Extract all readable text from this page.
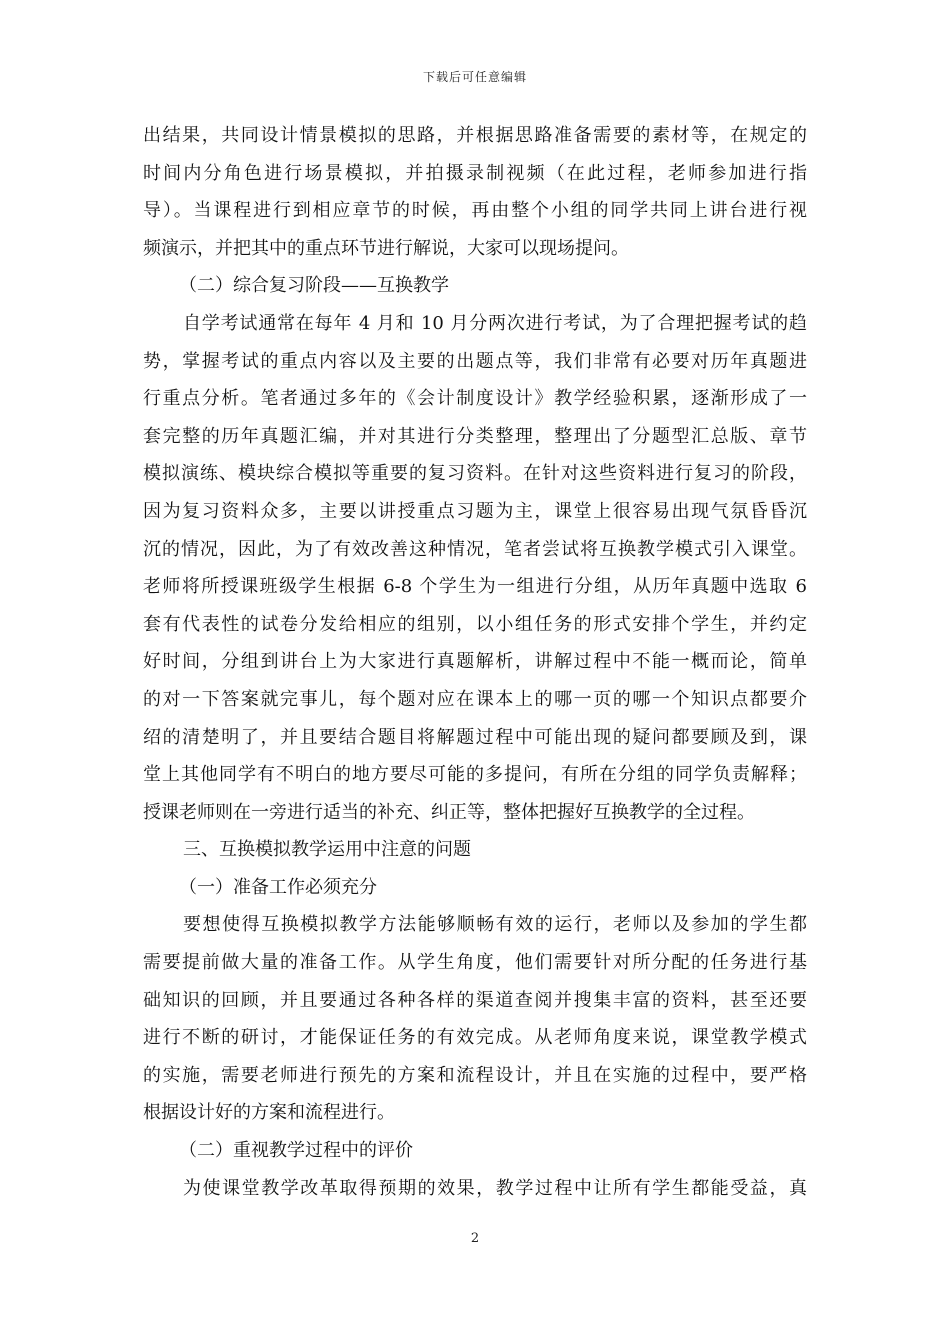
下载后可任意编辑
出结果，共同设计情景模拟的思路，并根据思路准备需要的素材等，在规定的
时间内分角色进行场景模拟，并拍摄录制视频（在此过程，老师参加进行指
导）。当课程进行到相应章节的时候，再由整个小组的同学共同上讲台进行视
频演示，并把其中的重点环节进行解说，大家可以现场提问。
（二）综合复习阶段——互换教学
自学考试通常在每年 4 月和 10 月分两次进行考试，为了合理把握考试的趋
势，掌握考试的重点内容以及主要的出题点等，我们非常有必要对历年真题进
行重点分析。笔者通过多年的《会计制度设计》教学经验积累，逐渐形成了一
套完整的历年真题汇编，并对其进行分类整理，整理出了分题型汇总版、章节
模拟演练、模块综合模拟等重要的复习资料。在针对这些资料进行复习的阶段，
因为复习资料众多，主要以讲授重点习题为主，课堂上很容易出现气氛昏昏沉
沉的情况，因此，为了有效改善这种情况，笔者尝试将互换教学模式引入课堂。
老师将所授课班级学生根据 6-8 个学生为一组进行分组，从历年真题中选取 6
套有代表性的试卷分发给相应的组别，以小组任务的形式安排个学生，并约定
好时间，分组到讲台上为大家进行真题解析，讲解过程中不能一概而论，简单
的对一下答案就完事儿，每个题对应在课本上的哪一页的哪一个知识点都要介
绍的清楚明了，并且要结合题目将解题过程中可能出现的疑问都要顾及到，课
堂上其他同学有不明白的地方要尽可能的多提问，有所在分组的同学负责解释；
授课老师则在一旁进行适当的补充、纠正等，整体把握好互换教学的全过程。
三、互换模拟教学运用中注意的问题
（一）准备工作必须充分
要想使得互换模拟教学方法能够顺畅有效的运行，老师以及参加的学生都
需要提前做大量的准备工作。从学生角度，他们需要针对所分配的任务进行基
础知识的回顾，并且要通过各种各样的渠道查阅并搜集丰富的资料，甚至还要
进行不断的研讨，才能保证任务的有效完成。从老师角度来说，课堂教学模式
的实施，需要老师进行预先的方案和流程设计，并且在实施的过程中，要严格
根据设计好的方案和流程进行。
（二）重视教学过程中的评价
为使课堂教学改革取得预期的效果，教学过程中让所有学生都能受益，真
2
